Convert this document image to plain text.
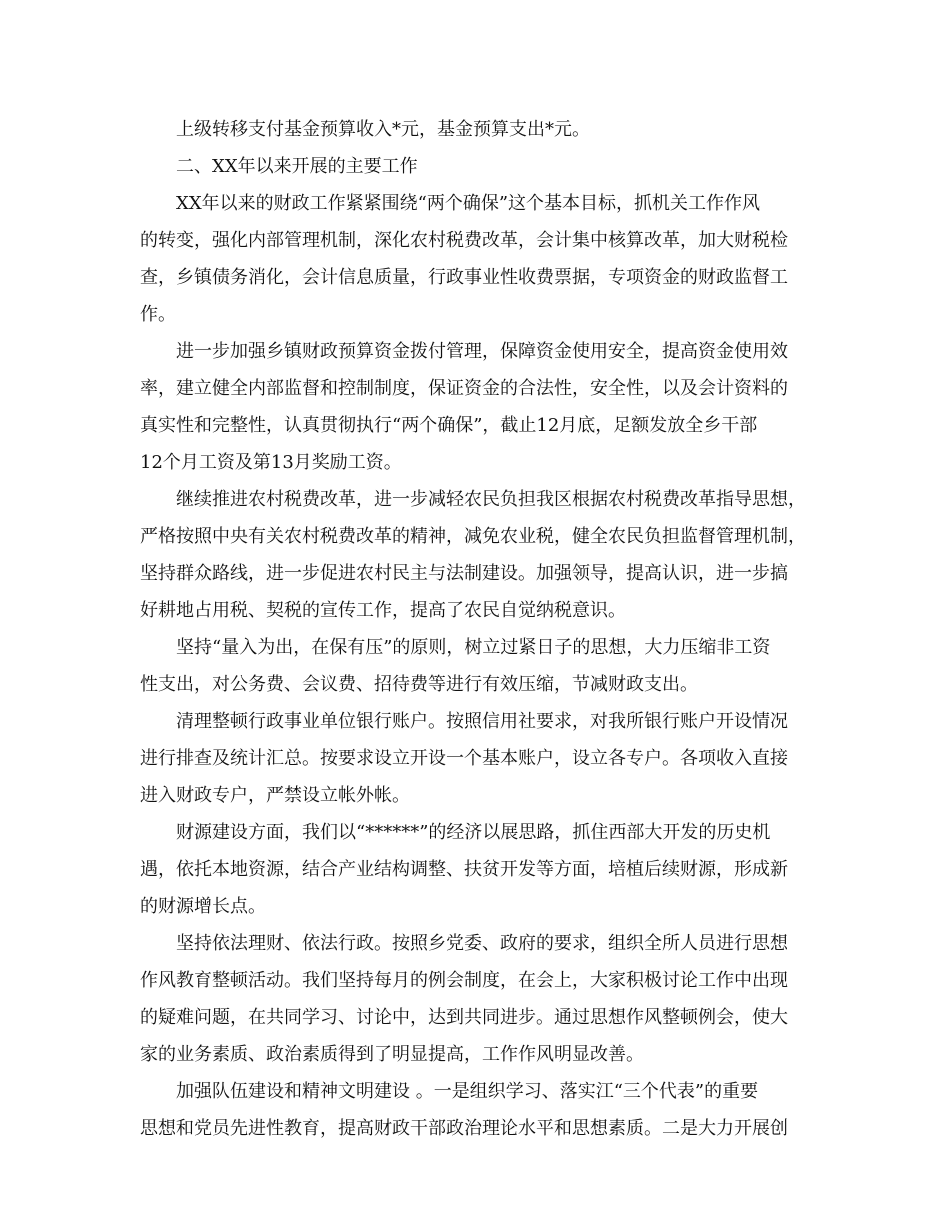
上级转移支付基金预算收入*元，基金预算支出*元。
二、XX年以来开展的主要工作
XX年以来的财政工作紧紧围绕“两个确保”这个基本目标，抓机关工作作风
的转变，强化内部管理机制，深化农村税费改革，会计集中核算改革，加大财税检
查，乡镇债务消化，会计信息质量，行政事业性收费票据，专项资金的财政监督工
作。
进一步加强乡镇财政预算资金拨付管理，保障资金使用安全，提高资金使用效
率，建立健全内部监督和控制制度，保证资金的合法性，安全性，以及会计资料的
真实性和完整性，认真贯彻执行“两个确保”，截止12月底，足额发放全乡干部
12个月工资及第13月奖励工资。
继续推进农村税费改革，进一步减轻农民负担我区根据农村税费改革指导思想，
严格按照中央有关农村税费改革的精神，减免农业税，健全农民负担监督管理机制，
坚持群众路线，进一步促进农村民主与法制建设。加强领导，提高认识，进一步搞
好耕地占用税、契税的宣传工作，提高了农民自觉纳税意识。
坚持“量入为出，在保有压”的原则，树立过紧日子的思想，大力压缩非工资
性支出，对公务费、会议费、招待费等进行有效压缩，节减财政支出。
清理整顿行政事业单位银行账户。按照信用社要求，对我所银行账户开设情况
进行排查及统计汇总。按要求设立开设一个基本账户，设立各专户。各项收入直接
进入财政专户，严禁设立帐外帐。
财源建设方面，我们以“******”的经济以展思路，抓住西部大开发的历史机
遇，依托本地资源，结合产业结构调整、扶贫开发等方面，培植后续财源，形成新
的财源增长点。
坚持依法理财、依法行政。按照乡党委、政府的要求，组织全所人员进行思想
作风教育整顿活动。我们坚持每月的例会制度，在会上，大家积极讨论工作中出现
的疑难问题，在共同学习、讨论中，达到共同进步。通过思想作风整顿例会，使大
家的业务素质、政治素质得到了明显提高，工作作风明显改善。
加强队伍建设和精神文明建设 。一是组织学习、落实江“三个代表”的重要
思想和党员先进性教育，提高财政干部政治理论水平和思想素质。二是大力开展创
